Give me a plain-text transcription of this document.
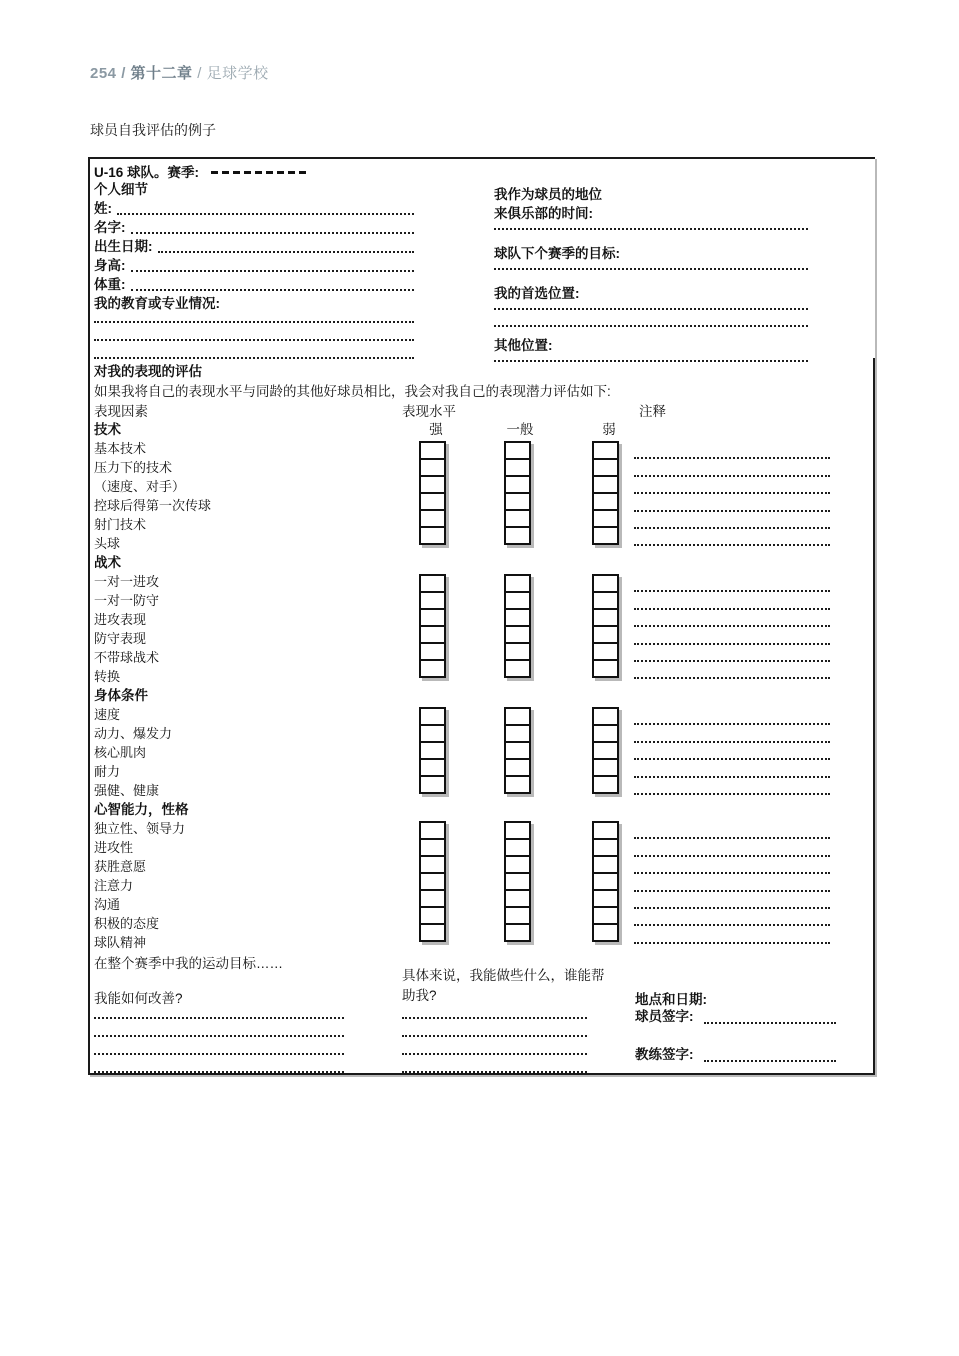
254 / 第十二章 / 足球学校
球员自我评估的例子
U-16 球队。赛季:
个人细节
姓:
名字:
出生日期:
身高:
体重:
我的教育或专业情况:
我作为球员的地位
来俱乐部的时间:
球队下个赛季的目标:
我的首选位置:
其他位置:
对我的表现的评估
如果我将自己的表现水平与同龄的其他好球员相比，我会对我自己的表现潜力评估如下:
表现因素	表现水平	注释
强	一般	弱
技术
基本技术
压力下的技术
（速度、对手）
控球后得第一次传球
射门技术
头球
战术
一对一进攻
一对一防守
进攻表现
防守表现
不带球战术
转换
身体条件
速度
动力、爆发力
核心肌肉
耐力
强健、健康
心智能力，性格
独立性、领导力
进攻性
获胜意愿
注意力
沟通
积极的态度
球队精神
在整个赛季中我的运动目标……
具体来说，我能做些什么，谁能帮助我?
我能如何改善?	地点和日期:
球员签字:
教练签字:
